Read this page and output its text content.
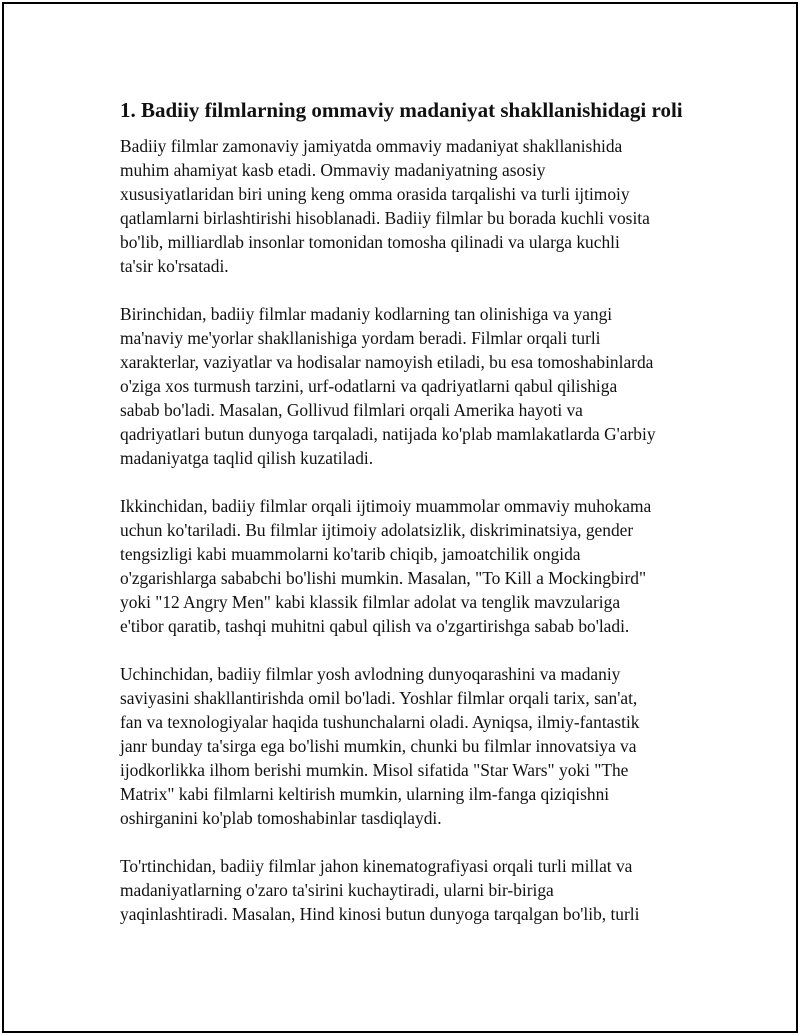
1. Badiiy filmlarning ommaviy madaniyat shakllanishidagi roli

Badiiy filmlar zamonaviy jamiyatda ommaviy madaniyat shakllanishida
muhim ahamiyat kasb etadi. Ommaviy madaniyatning asosiy
xususiyatlaridan biri uning keng omma orasida tarqalishi va turli ijtimoiy
qatlamlarni birlashtirishi hisoblanadi. Badiiy filmlar bu borada kuchli vosita
bo'lib, milliardlab insonlar tomonidan tomosha qilinadi va ularga kuchli
ta'sir ko'rsatadi.

Birinchidan, badiiy filmlar madaniy kodlarning tan olinishiga va yangi
ma'naviy me'yorlar shakllanishiga yordam beradi. Filmlar orqali turli
xarakterlar, vaziyatlar va hodisalar namoyish etiladi, bu esa tomoshabinlarda
o'ziga xos turmush tarzini, urf-odatlarni va qadriyatlarni qabul qilishiga
sabab bo'ladi. Masalan, Gollivud filmlari orqali Amerika hayoti va
qadriyatlari butun dunyoga tarqaladi, natijada ko'plab mamlakatlarda G'arbiy
madaniyatga taqlid qilish kuzatiladi.

Ikkinchidan, badiiy filmlar orqali ijtimoiy muammolar ommaviy muhokama
uchun ko'tariladi. Bu filmlar ijtimoiy adolatsizlik, diskriminatsiya, gender
tengsizligi kabi muammolarni ko'tarib chiqib, jamoatchilik ongida
o'zgarishlarga sababchi bo'lishi mumkin. Masalan, "To Kill a Mockingbird"
yoki "12 Angry Men" kabi klassik filmlar adolat va tenglik mavzulariga
e'tibor qaratib, tashqi muhitni qabul qilish va o'zgartirishga sabab bo'ladi.

Uchinchidan, badiiy filmlar yosh avlodning dunyoqarashini va madaniy
saviyasini shakllantirishda omil bo'ladi. Yoshlar filmlar orqali tarix, san'at,
fan va texnologiyalar haqida tushunchalarni oladi. Ayniqsa, ilmiy-fantastik
janr bunday ta'sirga ega bo'lishi mumkin, chunki bu filmlar innovatsiya va
ijodkorlikka ilhom berishi mumkin. Misol sifatida "Star Wars" yoki "The
Matrix" kabi filmlarni keltirish mumkin, ularning ilm-fanga qiziqishni
oshirganini ko'plab tomoshabinlar tasdiqlaydi.

To'rtinchidan, badiiy filmlar jahon kinematografiyasi orqali turli millat va
madaniyatlarning o'zaro ta'sirini kuchaytiradi, ularni bir-biriga
yaqinlashtiradi. Masalan, Hind kinosi butun dunyoga tarqalgan bo'lib, turli
